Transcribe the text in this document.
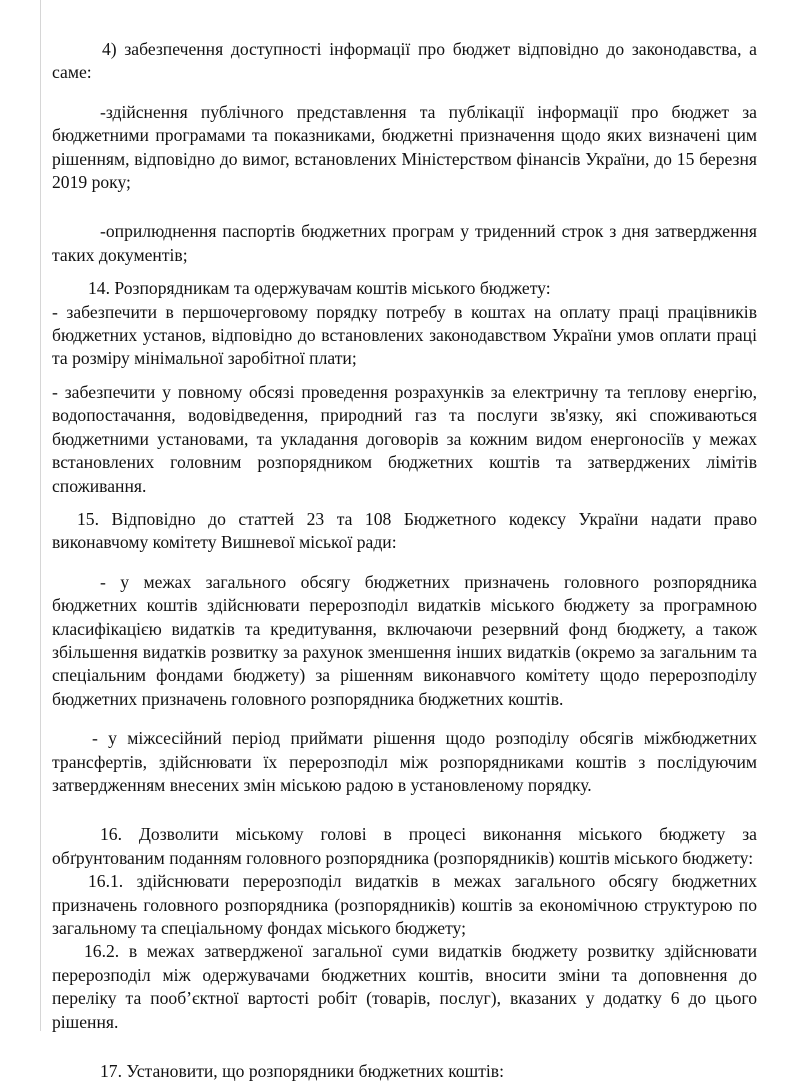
4) забезпечення доступності інформації про бюджет відповідно до законодавства, а саме:

-здійснення публічного представлення та публікації інформації про бюджет за бюджетними програмами та показниками, бюджетні призначення щодо яких визначені цим рішенням, відповідно до вимог, встановлених Міністерством фінансів України, до 15 березня 2019 року;

-оприлюднення паспортів бюджетних програм у триденний строк з дня затвердження таких документів;

14. Розпорядникам та одержувачам коштів міського бюджету:

- забезпечити в першочерговому порядку потребу в коштах на оплату праці працівників бюджетних установ, відповідно до встановлених законодавством України умов оплати праці та розміру мінімальної заробітної плати;

- забезпечити у повному обсязі проведення розрахунків за електричну та теплову енергію, водопостачання, водовідведення, природний газ та послуги зв'язку, які споживаються бюджетними установами, та укладання договорів за кожним видом енергоносіїв у межах встановлених головним розпорядником бюджетних коштів та затверджених лімітів споживання.

15. Відповідно до статтей 23 та 108 Бюджетного кодексу України надати право виконавчому комітету Вишневої міської ради:

- у межах загального обсягу бюджетних призначень головного розпорядника бюджетних коштів здійснювати перерозподіл видатків міського бюджету за програмною класифікацією видатків та кредитування, включаючи резервний фонд бюджету, а також збільшення видатків розвитку за рахунок зменшення інших видатків (окремо за загальним та спеціальним фондами бюджету) за рішенням виконавчого комітету щодо перерозподілу бюджетних призначень головного розпорядника бюджетних коштів.

- у міжсесійний період приймати рішення щодо розподілу обсягів міжбюджетних трансфертів, здійснювати їх перерозподіл між розпорядниками коштів з послідуючим затвердженням внесених змін міською радою в установленому порядку.

16. Дозволити міському голові в процесі виконання міського бюджету за обґрунтованим поданням головного розпорядника (розпорядників) коштів міського бюджету:

16.1. здійснювати перерозподіл видатків в межах загального обсягу бюджетних призначень головного розпорядника (розпорядників) коштів за економічною структурою по загальному та спеціальному фондах міського бюджету;

16.2. в межах затвердженої загальної суми видатків бюджету розвитку здійснювати перерозподіл між одержувачами бюджетних коштів, вносити зміни та доповнення до переліку та пооб’єктної вартості робіт (товарів, послуг), вказаних у додатку 6 до цього рішення.

17. Установити, що розпорядники бюджетних коштів:
